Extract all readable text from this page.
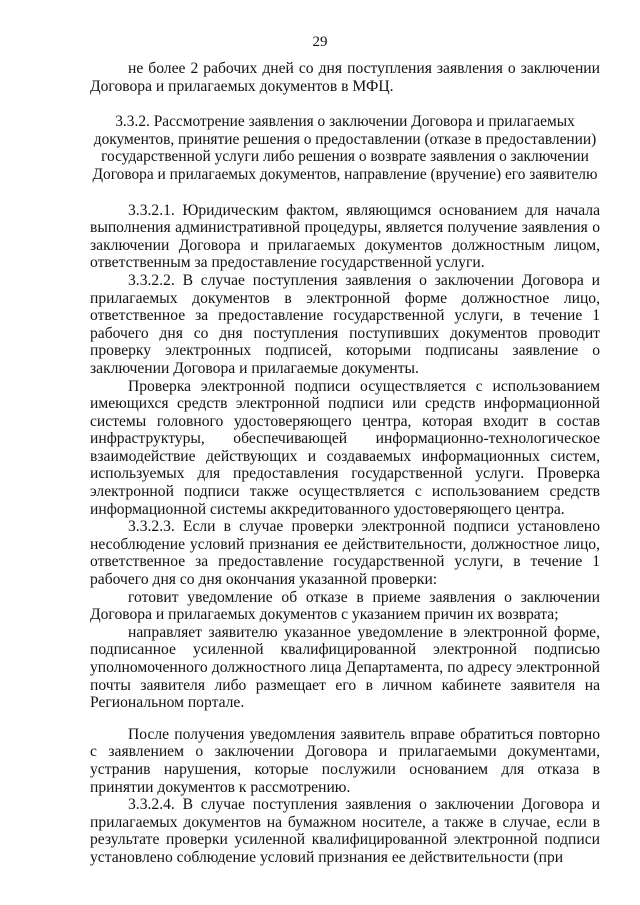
29

не более 2 рабочих дней со дня поступления заявления о заключении Договора и прилагаемых документов в МФЦ.

3.3.2. Рассмотрение заявления о заключении Договора и прилагаемых документов, принятие решения о предоставлении (отказе в предоставлении) государственной услуги либо решения о возврате заявления о заключении Договора и прилагаемых документов, направление (вручение) его заявителю

3.3.2.1. Юридическим фактом, являющимся основанием для начала выполнения административной процедуры, является получение заявления о заключении Договора и прилагаемых документов должностным лицом, ответственным за предоставление государственной услуги.

3.3.2.2. В случае поступления заявления о заключении Договора и прилагаемых документов в электронной форме должностное лицо, ответственное за предоставление государственной услуги, в течение 1 рабочего дня со дня поступления поступивших документов проводит проверку электронных подписей, которыми подписаны заявление о заключении Договора и прилагаемые документы.

Проверка электронной подписи осуществляется с использованием имеющихся средств электронной подписи или средств информационной системы головного удостоверяющего центра, которая входит в состав инфраструктуры, обеспечивающей информационно-технологическое взаимодействие действующих и создаваемых информационных систем, используемых для предоставления государственной услуги. Проверка электронной подписи также осуществляется с использованием средств информационной системы аккредитованного удостоверяющего центра.

3.3.2.3. Если в случае проверки электронной подписи установлено несоблюдение условий признания ее действительности, должностное лицо, ответственное за предоставление государственной услуги, в течение 1 рабочего дня со дня окончания указанной проверки:

готовит уведомление об отказе в приеме заявления о заключении Договора и прилагаемых документов с указанием причин их возврата;

направляет заявителю указанное уведомление в электронной форме, подписанное усиленной квалифицированной электронной подписью уполномоченного должностного лица Департамента, по адресу электронной почты заявителя либо размещает его в личном кабинете заявителя на Региональном портале.

После получения уведомления заявитель вправе обратиться повторно с заявлением о заключении Договора и прилагаемыми документами, устранив нарушения, которые послужили основанием для отказа в принятии документов к рассмотрению.

3.3.2.4. В случае поступления заявления о заключении Договора и прилагаемых документов на бумажном носителе, а также в случае, если в результате проверки усиленной квалифицированной электронной подписи установлено соблюдение условий признания ее действительности (при
